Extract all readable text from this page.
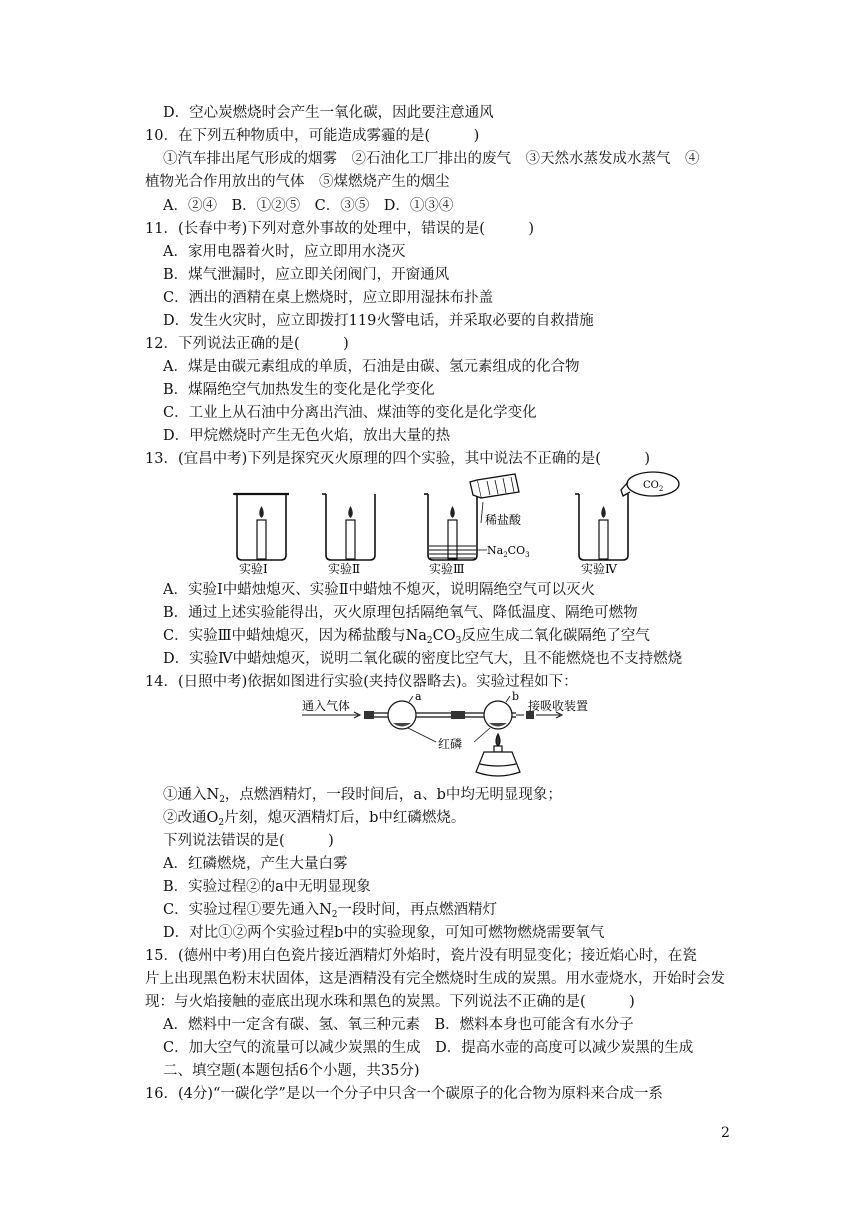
D．空心炭燃烧时会产生一氧化碳，因此要注意通风
10．在下列五种物质中，可能造成雾霾的是(　　　)
①汽车排出尾气形成的烟雾　②石油化工厂排出的废气　③天然水蒸发成水蒸气　④
植物光合作用放出的气体　⑤煤燃烧产生的烟尘
A．②④　B．①②⑤　C．③⑤　D．①③④
11．(长春中考)下列对意外事故的处理中，错误的是(　　　)
A．家用电器着火时，应立即用水浇灭
B．煤气泄漏时，应立即关闭阀门，开窗通风
C．洒出的酒精在桌上燃烧时，应立即用湿抹布扑盖
D．发生火灾时，应立即拨打119火警电话，并采取必要的自救措施
12．下列说法正确的是(　　　)
A．煤是由碳元素组成的单质，石油是由碳、氢元素组成的化合物
B．煤隔绝空气加热发生的变化是化学变化
C．工业上从石油中分离出汽油、煤油等的变化是化学变化
D．甲烷燃烧时产生无色火焰，放出大量的热
13．(宜昌中考)下列是探究灭火原理的四个实验，其中说法不正确的是(　　　)
稀盐酸
$Na_2CO_3$
$CO_2$
实验Ⅰ	实验Ⅱ	实验Ⅲ	实验Ⅳ
A．实验Ⅰ中蜡烛熄灭、实验Ⅱ中蜡烛不熄灭，说明隔绝空气可以灭火
B．通过上述实验能得出，灭火原理包括隔绝氧气、降低温度、隔绝可燃物
C．实验Ⅲ中蜡烛熄灭，因为稀盐酸与$Na_2CO_3$反应生成二氧化碳隔绝了空气
D．实验Ⅳ中蜡烛熄灭，说明二氧化碳的密度比空气大，且不能燃烧也不支持燃烧
14．(日照中考)依据如图进行实验(夹持仪器略去)。实验过程如下：
通入气体
a	b
接吸收装置
红磷
①通入$N_2$，点燃酒精灯，一段时间后，a、b中均无明显现象；
②改通$O_2$片刻，熄灭酒精灯后，b中红磷燃烧。
下列说法错误的是(　　　)
A．红磷燃烧，产生大量白雾
B．实验过程②的a中无明显现象
C．实验过程①要先通入$N_2$一段时间，再点燃酒精灯
D．对比①②两个实验过程b中的实验现象，可知可燃物燃烧需要氧气
15．(德州中考)用白色瓷片接近酒精灯外焰时，瓷片没有明显变化；接近焰心时，在瓷
片上出现黑色粉末状固体，这是酒精没有完全燃烧时生成的炭黑。用水壶烧水，开始时会发
现：与火焰接触的壶底出现水珠和黑色的炭黑。下列说法不正确的是(　　　)
A．燃料中一定含有碳、氢、氧三种元素　B．燃料本身也可能含有水分子
C．加大空气的流量可以减少炭黑的生成　D．提高水壶的高度可以减少炭黑的生成
二、填空题(本题包括6个小题，共35分)
16．(4分)“一碳化学”是以一个分子中只含一个碳原子的化合物为原料来合成一系
2
